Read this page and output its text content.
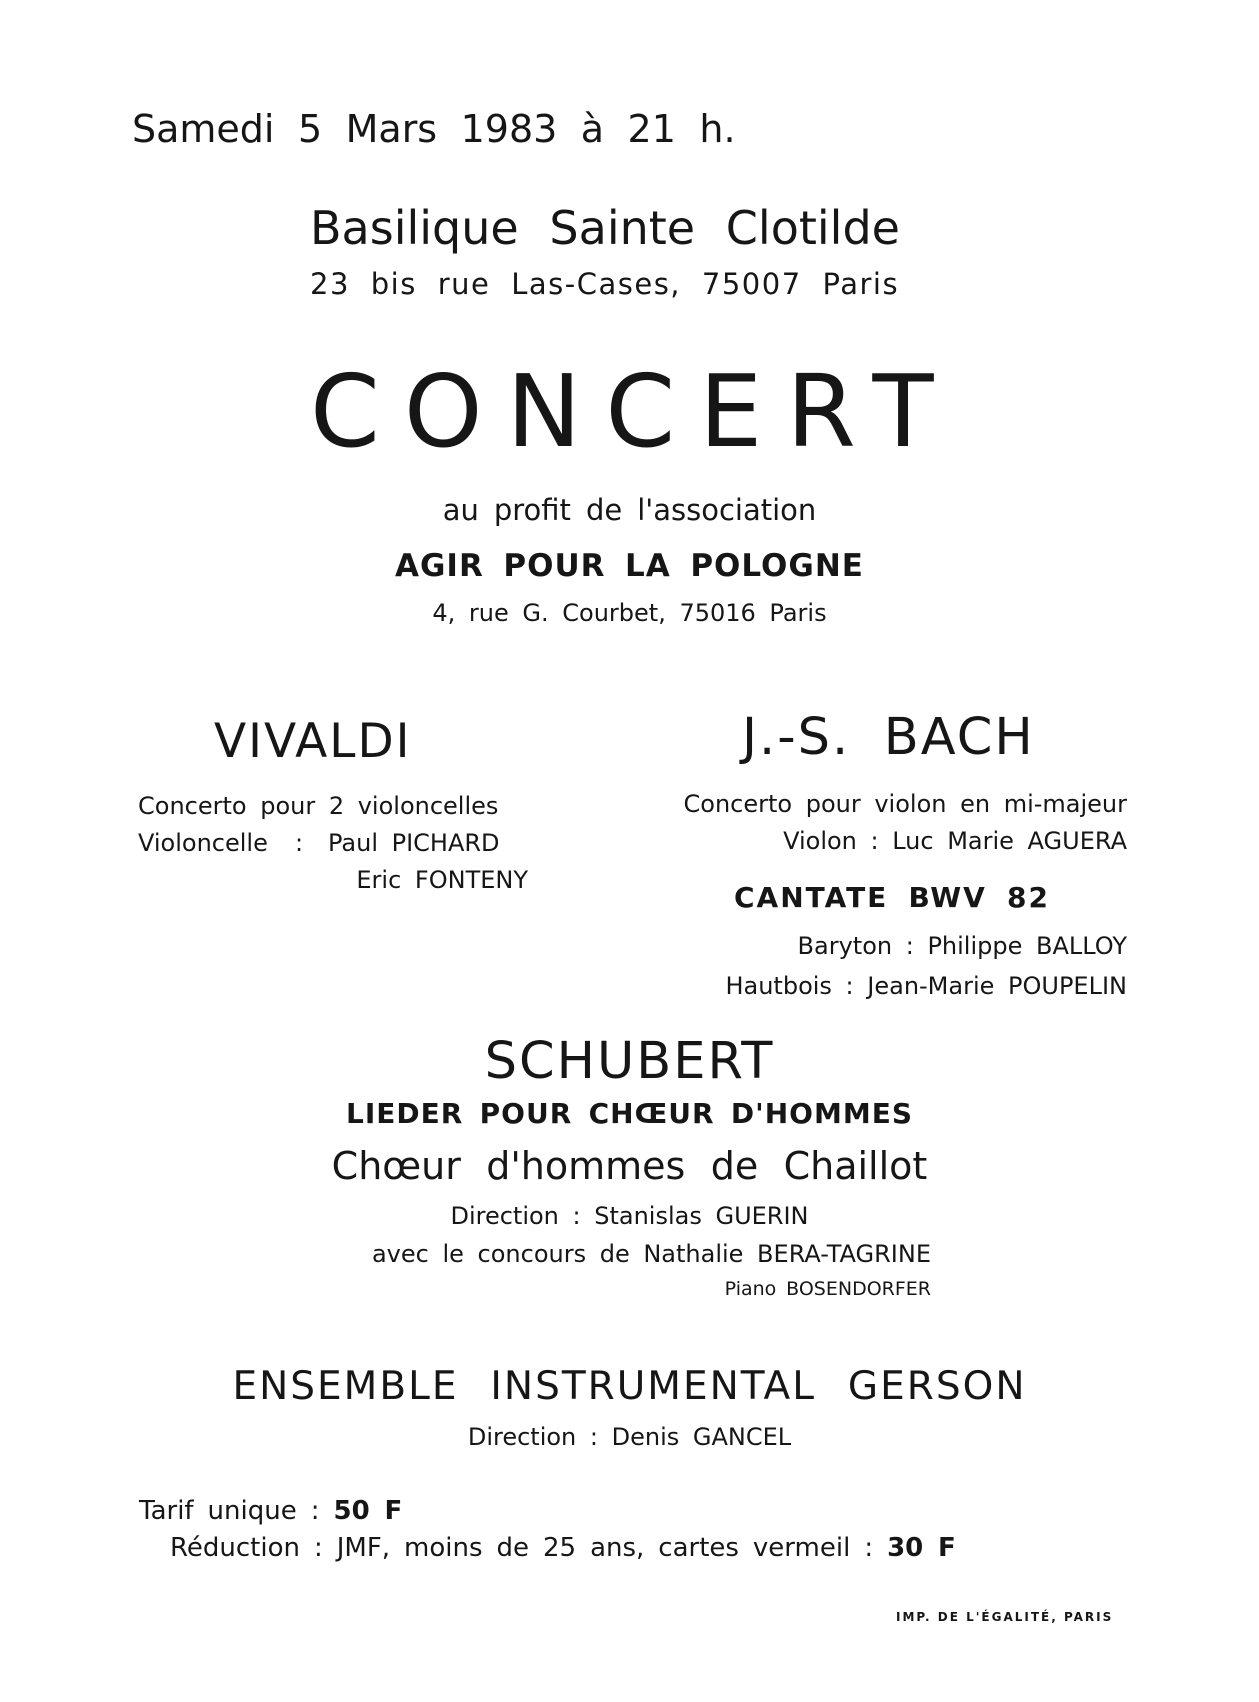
Samedi 5 Mars 1983 à 21 h.
Basilique Sainte Clotilde
23 bis rue Las-Cases, 75007 Paris
CONCERT
au profit de l'association
AGIR POUR LA POLOGNE
4, rue G. Courbet, 75016 Paris
VIVALDI
Concerto pour 2 violoncelles
Violoncelle : Paul PICHARD
Eric FONTENY
J.-S. BACH
Concerto pour violon en mi-majeur
Violon : Luc Marie AGUERA
CANTATE BWV 82
Baryton : Philippe BALLOY
Hautbois : Jean-Marie POUPELIN
SCHUBERT
LIEDER POUR CHŒUR D'HOMMES
Chœur d'hommes de Chaillot
Direction : Stanislas GUERIN
avec le concours de Nathalie BERA-TAGRINE
Piano BOSENDORFER
ENSEMBLE INSTRUMENTAL GERSON
Direction : Denis GANCEL
Tarif unique : 50 F
Réduction : JMF, moins de 25 ans, cartes vermeil : 30 F
IMP. DE L'ÉGALITÉ, PARIS
